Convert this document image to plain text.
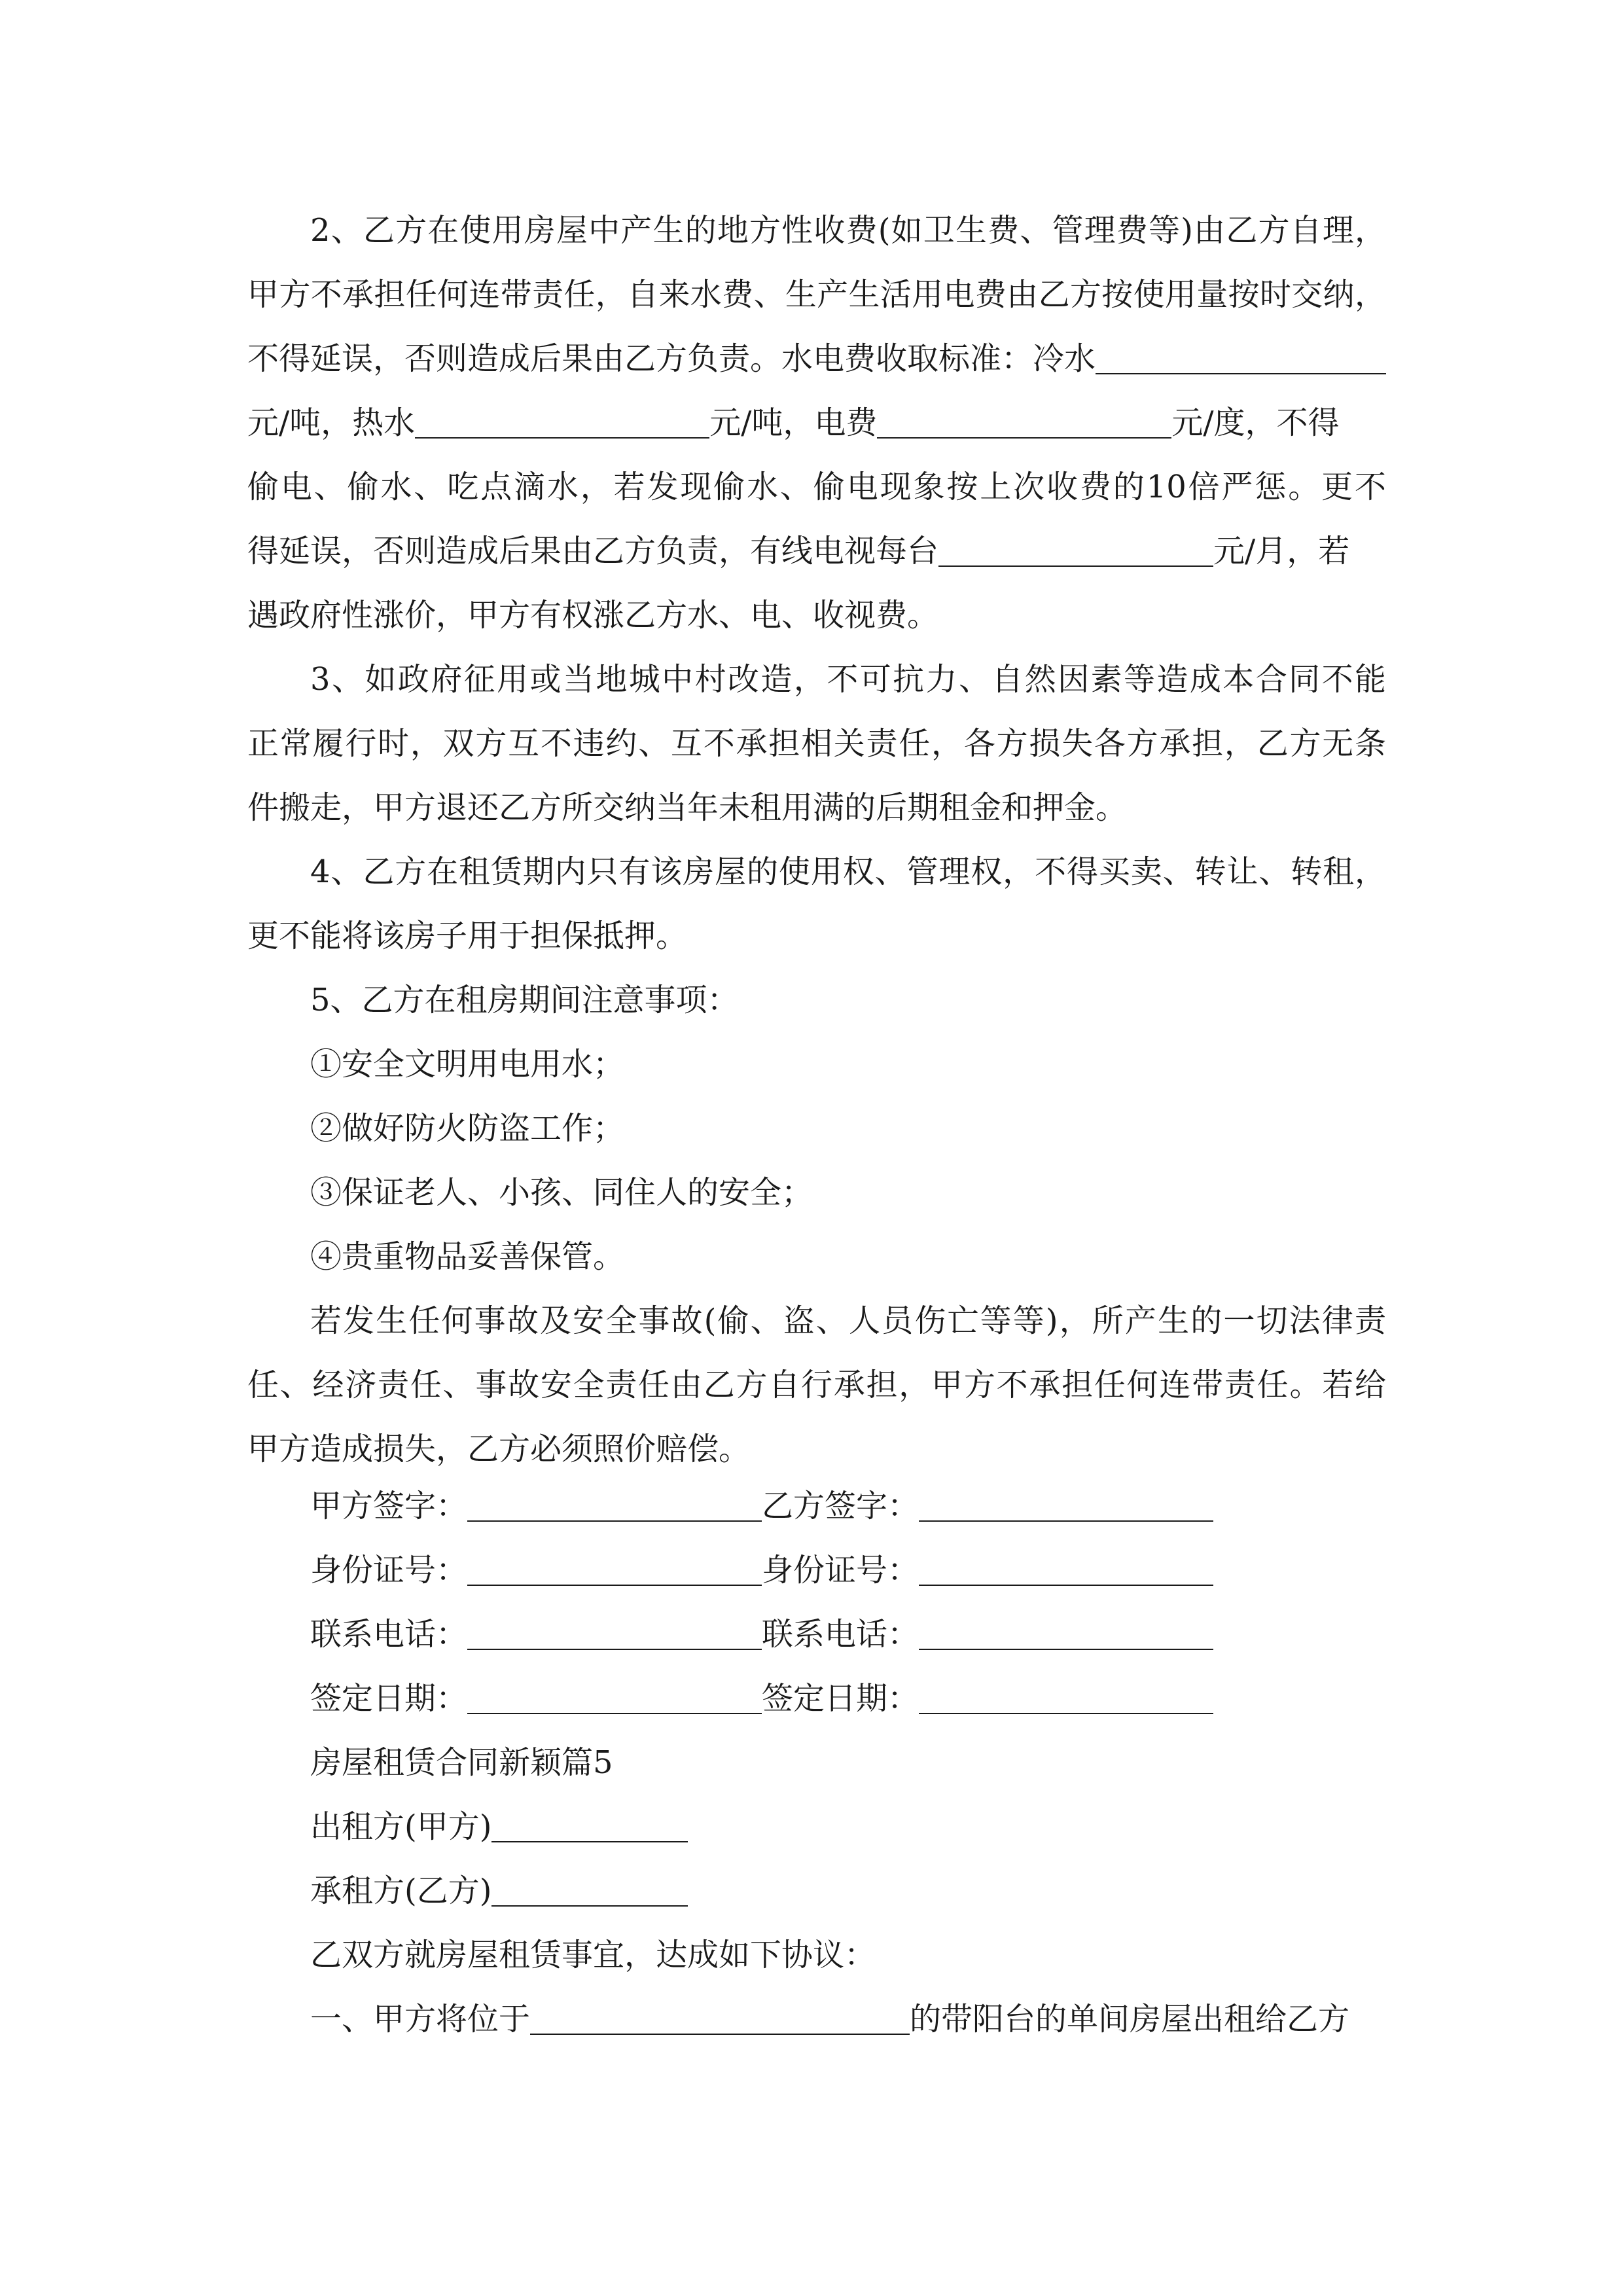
2、乙方在使用房屋中产生的地方性收费(如卫生费、管理费等)由乙方自理，
甲方不承担任何连带责任，自来水费、生产生活用电费由乙方按使用量按时交纳，
不得延误，否则造成后果由乙方负责。水电费收取标准：冷水
元/吨，热水	元/吨，电费	元/度，不得
偷电、偷水、吃点滴水，若发现偷水、偷电现象按上次收费的10倍严惩。更不
得延误，否则造成后果由乙方负责，有线电视每台	元/月，若
遇政府性涨价，甲方有权涨乙方水、电、收视费。
3、如政府征用或当地城中村改造，不可抗力、自然因素等造成本合同不能
正常履行时，双方互不违约、互不承担相关责任，各方损失各方承担，乙方无条
件搬走，甲方退还乙方所交纳当年未租用满的后期租金和押金。
4、乙方在租赁期内只有该房屋的使用权、管理权，不得买卖、转让、转租，
更不能将该房子用于担保抵押。
5、乙方在租房期间注意事项：
①安全文明用电用水；
②做好防火防盗工作；
③保证老人、小孩、同住人的安全；
④贵重物品妥善保管。
若发生任何事故及安全事故(偷、盗、人员伤亡等等)，所产生的一切法律责
任、经济责任、事故安全责任由乙方自行承担，甲方不承担任何连带责任。若给
甲方造成损失，乙方必须照价赔偿。
甲方签字：	乙方签字：
身份证号：	身份证号：
联系电话：	联系电话：
签定日期：	签定日期：
房屋租赁合同新颖篇5
出租方(甲方)
承租方(乙方)
乙双方就房屋租赁事宜，达成如下协议：
一、甲方将位于	的带阳台的单间房屋出租给乙方
